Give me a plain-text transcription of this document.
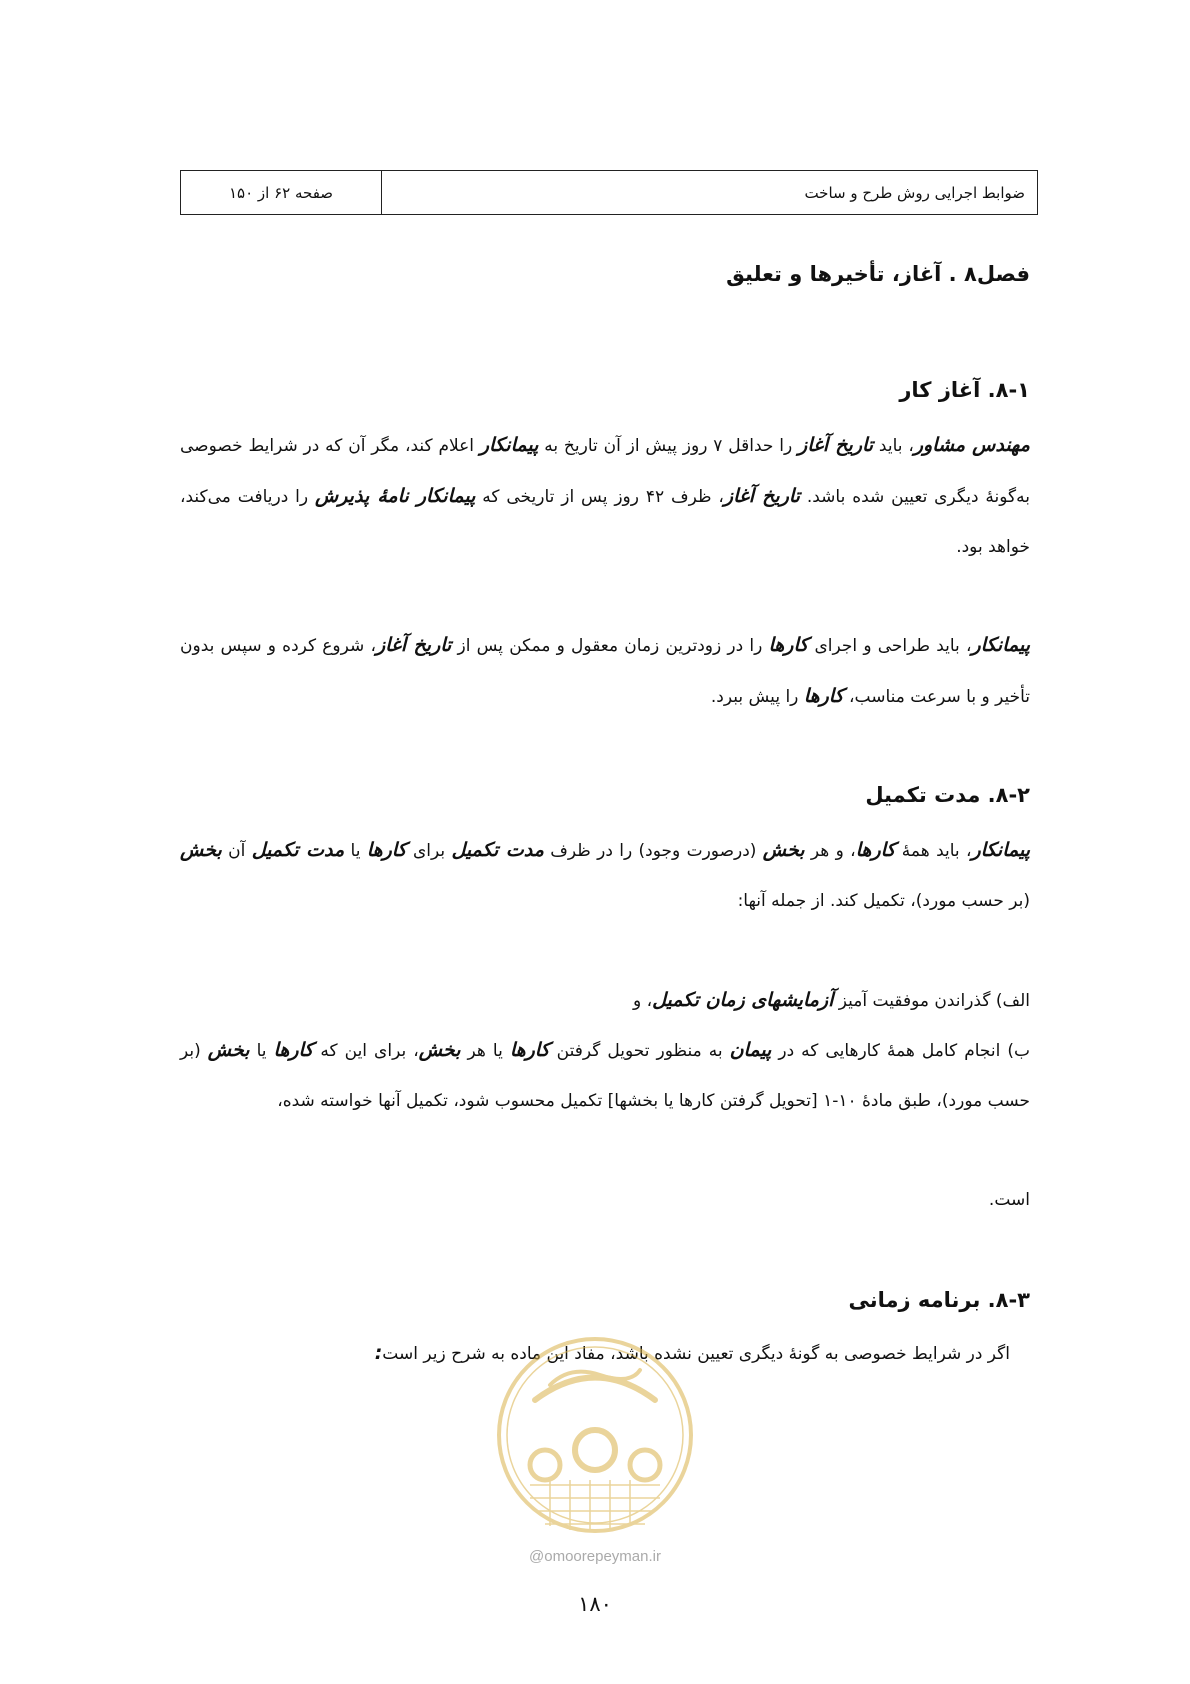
ضوابط اجرایی روش طرح و ساخت
صفحه ۶۲ از ۱۵۰
فصل۸ . آغاز، تأخیرها و تعلیق
۸-۱. آغاز کار
مهندس مشاور، باید تاریخ آغاز را حداقل ۷ روز پیش از آن تاریخ به پیمانکار اعلام کند، مگر آن که در شرایط خصوصی به‌گونهٔ دیگری تعیین شده باشد. تاریخ آغاز، ظرف ۴۲ روز پس از تاریخی که پیمانکار نامهٔ پذیرش را دریافت می‌کند، خواهد بود.
پیمانکار، باید طراحی و اجرای کارها را در زودترین زمان معقول و ممکن پس از تاریخ آغاز، شروع کرده و سپس بدون تأخیر و با سرعت مناسب، کارها را پیش ببرد.
۸-۲. مدت تکمیل
پیمانکار، باید همهٔ کارها، و هر بخش (درصورت وجود) را در ظرف مدت تکمیل برای کارها یا مدت تکمیل آن بخش (بر حسب مورد)، تکمیل کند. از جمله آنها:
الف) گذراندن موفقیت آمیز آزمایشهای زمان تکمیل، و
ب) انجام کامل همهٔ کارهایی که در پیمان به منظور تحویل گرفتن کارها یا هر بخش، برای این که کارها یا بخش (بر حسب مورد)، طبق مادهٔ ۱۰-۱ [تحویل گرفتن کارها یا بخشها] تکمیل محسوب شود، تکمیل آنها خواسته شده،
است.
۸-۳. برنامه زمانی
اگر در شرایط خصوصی به گونهٔ دیگری تعیین نشده باشد، مفاد این ماده به شرح زیر است:
@omoorepeyman.ir
۱۸۰
